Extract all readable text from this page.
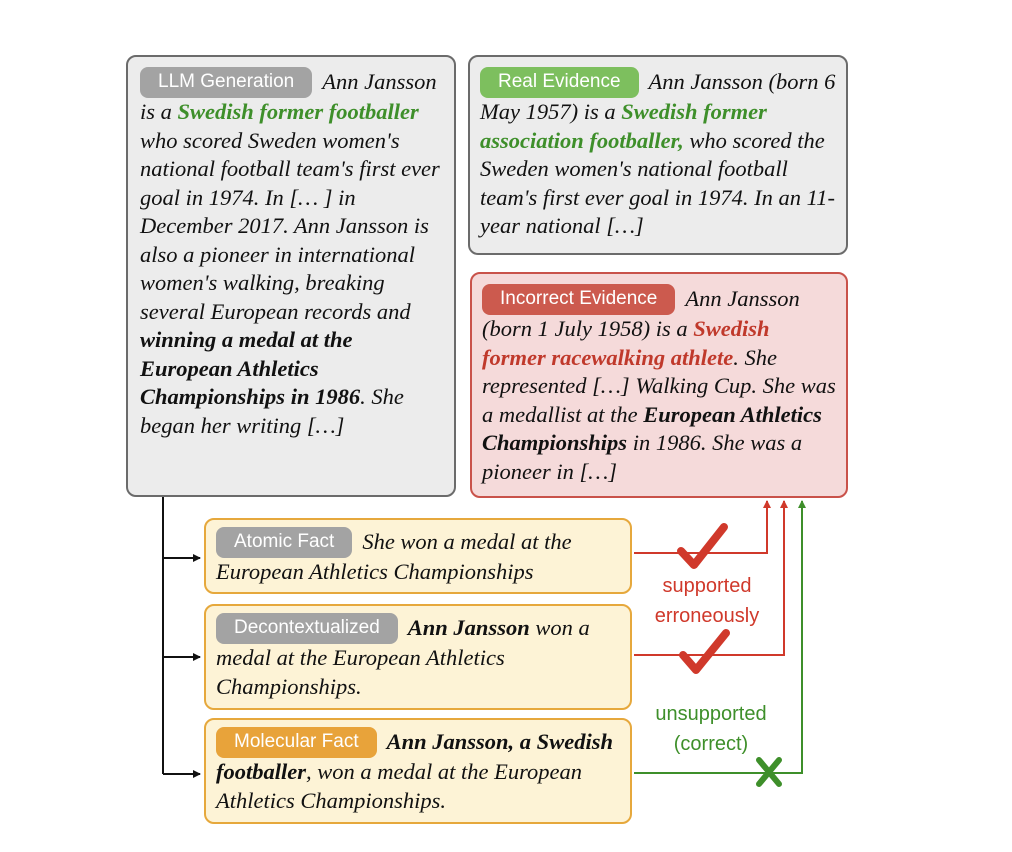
LLM Generation Ann Jansson is a Swedish former footballer who scored Sweden women's national football team's first ever goal in 1974. In [… ] in December 2017. Ann Jansson is also a pioneer in international women's walking, breaking several European records and winning a medal at the European Athletics Championships in 1986. She began her writing […]
Real Evidence Ann Jansson (born 6 May 1957) is a Swedish former association footballer, who scored the Sweden women's national football team's first ever goal in 1974. In an 11-year national […]
Incorrect Evidence Ann Jansson (born 1 July 1958) is a Swedish former racewalking athlete. She represented […] Walking Cup. She was a medallist at the European Athletics Championships in 1986. She was a pioneer in […]
Atomic Fact She won a medal at the European Athletics Championships
Decontextualized Ann Jansson won a medal at the European Athletics Championships.
Molecular Fact Ann Jansson, a Swedish footballer, won a medal at the European Athletics Championships.
supported
erroneously
unsupported
(correct)
